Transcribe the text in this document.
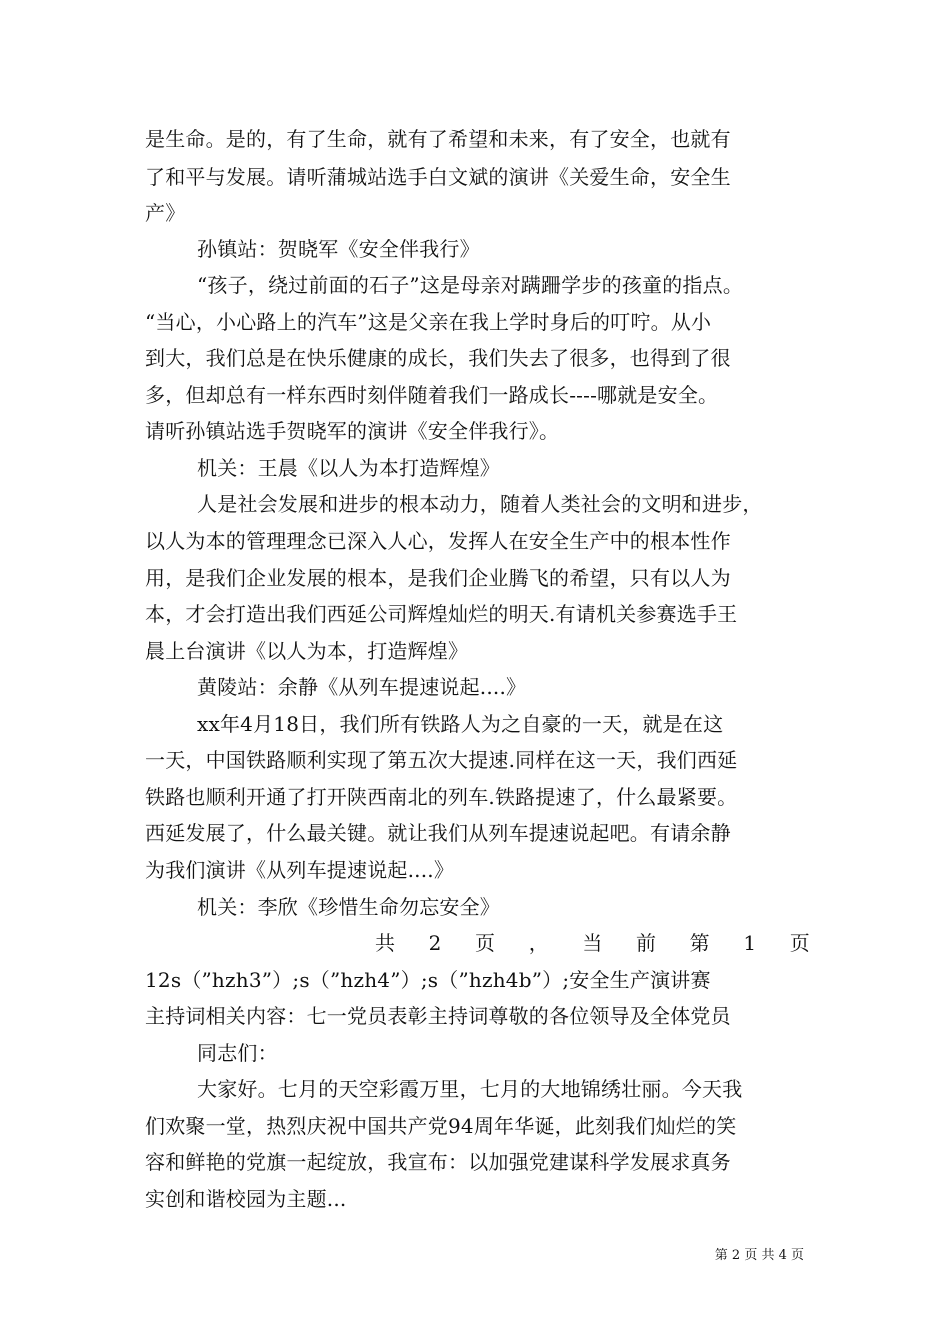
是生命。是的，有了生命，就有了希望和未来，有了安全，也就有
了和平与发展。请听蒲城站选手白文斌的演讲《关爱生命，安全生
产》
孙镇站：贺晓军《安全伴我行》
“孩子，绕过前面的石子”这是母亲对蹒跚学步的孩童的指点。
“当心，小心路上的汽车”这是父亲在我上学时身后的叮咛。从小
到大，我们总是在快乐健康的成长，我们失去了很多，也得到了很
多，但却总有一样东西时刻伴随着我们一路成长----哪就是安全。
请听孙镇站选手贺晓军的演讲《安全伴我行》。
机关：王晨《以人为本打造辉煌》
人是社会发展和进步的根本动力，随着人类社会的文明和进步，
以人为本的管理理念已深入人心，发挥人在安全生产中的根本性作
用，是我们企业发展的根本，是我们企业腾飞的希望，只有以人为
本，才会打造出我们西延公司辉煌灿烂的明天.有请机关参赛选手王
晨上台演讲《以人为本，打造辉煌》
黄陵站：余静《从列车提速说起....》
xx年4月18日，我们所有铁路人为之自豪的一天，就是在这
一天，中国铁路顺利实现了第五次大提速.同样在这一天，我们西延
铁路也顺利开通了打开陕西南北的列车.铁路提速了，什么最紧要。
西延发展了，什么最关键。就让我们从列车提速说起吧。有请余静
为我们演讲《从列车提速说起....》
机关：李欣《珍惜生命勿忘安全》
共 2 页 ， 当 前 第 1 页
12s（”hzh3”）;s（”hzh4”）;s（”hzh4b”）;安全生产演讲赛
主持词相关内容：七一党员表彰主持词尊敬的各位领导及全体党员
同志们：
大家好。七月的天空彩霞万里，七月的大地锦绣壮丽。今天我
们欢聚一堂，热烈庆祝中国共产党94周年华诞，此刻我们灿烂的笑
容和鲜艳的党旗一起绽放，我宣布：以加强党建谋科学发展求真务
实创和谐校园为主题...
第 2 页 共 4 页
